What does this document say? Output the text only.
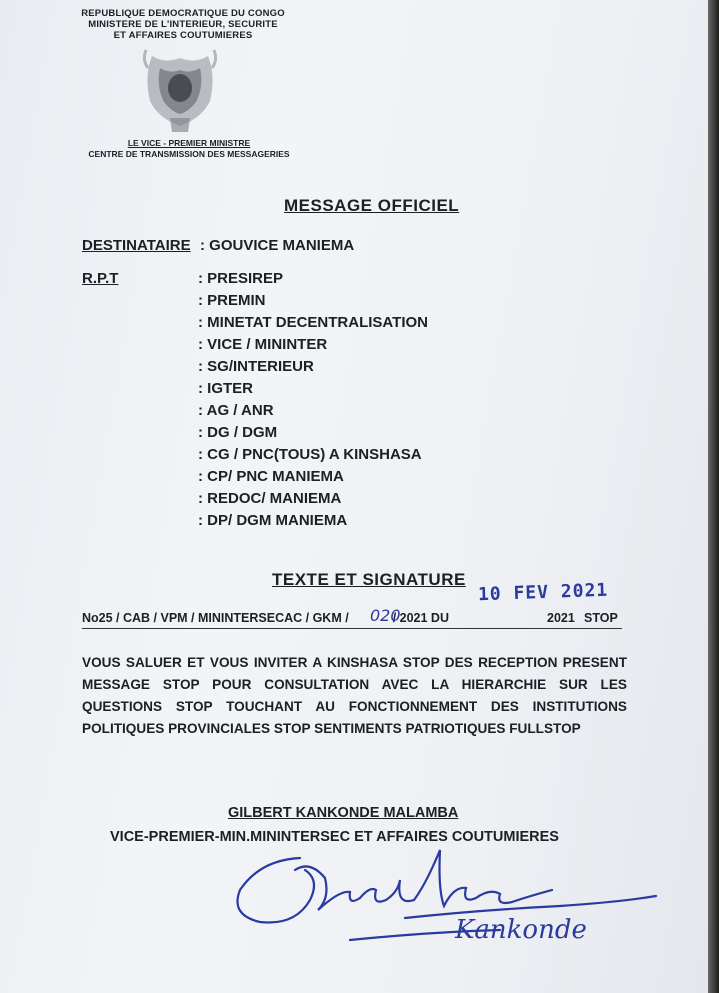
REPUBLIQUE DEMOCRATIQUE DU CONGO
MINISTERE DE L'INTERIEUR, SECURITE
ET AFFAIRES COUTUMIERES
LE VICE - PREMIER MINISTRE
CENTRE DE TRANSMISSION DES MESSAGERIES
MESSAGE OFFICIEL
DESTINATAIRE : GOUVICE MANIEMA
R.P.T	: PRESIREP
: PREMIN
: MINETAT DECENTRALISATION
: VICE / MININTER
: SG/INTERIEUR
: IGTER
: AG / ANR
: DG / DGM
: CG / PNC(TOUS) A KINSHASA
: CP/ PNC MANIEMA
: REDOC/ MANIEMA
: DP/ DGM MANIEMA
TEXTE ET SIGNATURE
10 FEV 2021
No25 / CAB / VPM / MININTERSECAC / GKM /	/ 2021 DU
020	2021 STOP
VOUS SALUER ET VOUS INVITER A KINSHASA STOP DES RECEPTION PRESENT
MESSAGE STOP POUR CONSULTATION AVEC LA HIERARCHIE SUR LES
QUESTIONS STOP TOUCHANT AU FONCTIONNEMENT DES INSTITUTIONS
POLITIQUES PROVINCIALES STOP SENTIMENTS PATRIOTIQUES FULLSTOP
GILBERT KANKONDE MALAMBA
VICE-PREMIER-MIN.MININTERSEC ET AFFAIRES COUTUMIERES
Kankonde
